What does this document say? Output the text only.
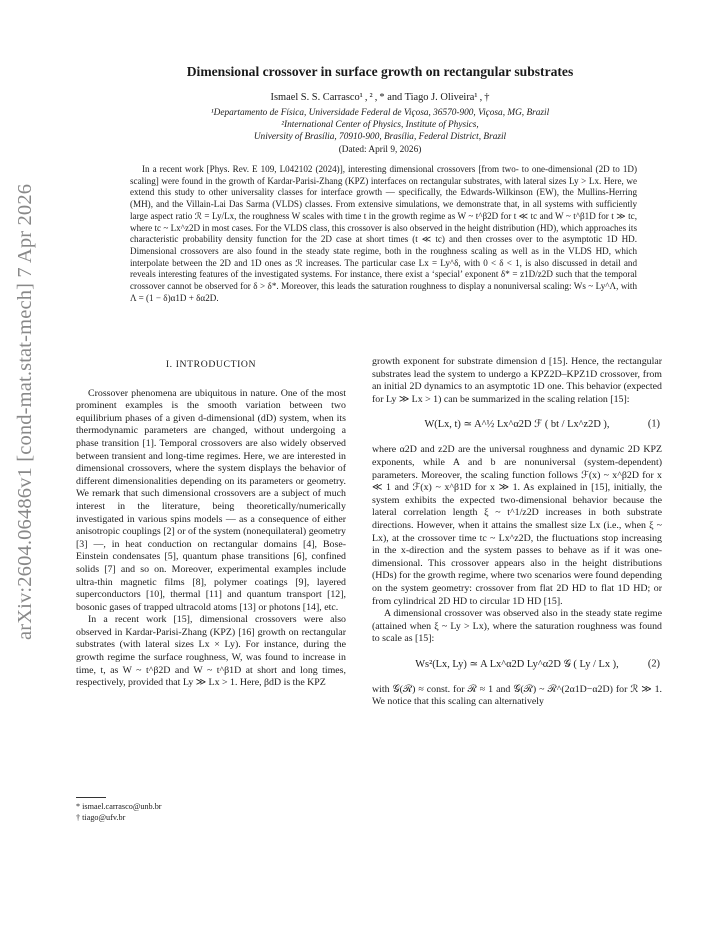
arXiv:2604.06486v1 [cond-mat.stat-mech] 7 Apr 2026
Dimensional crossover in surface growth on rectangular substrates
Ismael S. S. Carrasco¹ , ² , * and Tiago J. Oliveira¹ , †
¹Departamento de Física, Universidade Federal de Viçosa, 36570-900, Viçosa, MG, Brazil
²International Center of Physics, Institute of Physics,
University of Brasília, 70910-900, Brasília, Federal District, Brazil
(Dated: April 9, 2026)

In a recent work [Phys. Rev. E 109, L042102 (2024)], interesting dimensional crossovers [from two- to one-dimensional (2D to 1D) scaling] were found in the growth of Kardar-Parisi-Zhang (KPZ) interfaces on rectangular substrates, with lateral sizes Ly > Lx. Here, we extend this study to other universality classes for interface growth — specifically, the Edwards-Wilkinson (EW), the Mullins-Herring (MH), and the Villain-Lai Das Sarma (VLDS) classes. From extensive simulations, we demonstrate that, in all systems with sufficiently large aspect ratio ℛ = Ly/Lx, the roughness W scales with time t in the growth regime as W ~ t^β2D for t ≪ tc and W ~ t^β1D for t ≫ tc, where tc ~ Lx^z2D in most cases. For the VLDS class, this crossover is also observed in the height distribution (HD), which approaches its characteristic probability density function for the 2D case at short times (t ≪ tc) and then crosses over to the asymptotic 1D HD. Dimensional crossovers are also found in the steady state regime, both in the roughness scaling as well as in the VLDS HD, which interpolate between the 2D and 1D ones as ℛ increases. The particular case Lx = Ly^δ, with 0 < δ < 1, is also discussed in detail and reveals interesting features of the investigated systems. For instance, there exist a ‘special’ exponent δ* = z1D/z2D such that the temporal crossover cannot be observed for δ > δ*. Moreover, this leads the saturation roughness to display a nonuniversal scaling: Ws ~ Ly^Λ, with Λ = (1 − δ)α1D + δα2D.

I. INTRODUCTION

Crossover phenomena are ubiquitous in nature. One of the most prominent examples is the smooth variation between two equilibrium phases of a given d-dimensional (dD) system, when its thermodynamic parameters are changed, without undergoing a phase transition [1]. Temporal crossovers are also widely observed between transient and long-time regimes. Here, we are interested in dimensional crossovers, where the system displays the behavior of different dimensionalities depending on its parameters or geometry. We remark that such dimensional crossovers are a subject of much interest in the literature, being theoretically/numerically investigated in various spins models — as a consequence of either anisotropic couplings [2] or of the system (nonequilateral) geometry [3] —, in heat conduction on rectangular domains [4], Bose-Einstein condensates [5], quantum phase transitions [6], confined solids [7] and so on. Moreover, experimental examples include ultra-thin magnetic films [8], polymer coatings [9], layered superconductors [10], thermal [11] and quantum transport [12], bosonic gases of trapped ultracold atoms [13] or photons [14], etc.

In a recent work [15], dimensional crossovers were also observed in Kardar-Parisi-Zhang (KPZ) [16] growth on rectangular substrates (with lateral sizes Lx × Ly). For instance, during the growth regime the surface roughness, W, was found to increase in time, t, as W ~ t^β2D and W ~ t^β1D at short and long times, respectively, provided that Ly ≫ Lx > 1. Here, βdD is the KPZ

growth exponent for substrate dimension d [15]. Hence, the rectangular substrates lead the system to undergo a KPZ2D–KPZ1D crossover, from an initial 2D dynamics to an asymptotic 1D one. This behavior (expected for Ly ≫ Lx > 1) can be summarized in the scaling relation [15]:

W(Lx, t) ≃ A^½ Lx^α2D ℱ ( bt / Lx^z2D ),	(1)

where α2D and z2D are the universal roughness and dynamic 2D KPZ exponents, while A and b are nonuniversal (system-dependent) parameters. Moreover, the scaling function follows ℱ(x) ~ x^β2D for x ≪ 1 and ℱ(x) ~ x^β1D for x ≫ 1. As explained in [15], initially, the system exhibits the expected two-dimensional behavior because the lateral correlation length ξ ~ t^1/z2D increases in both substrate directions. However, when it attains the smallest size Lx (i.e., when ξ ~ Lx), at the crossover time tc ~ Lx^z2D, the fluctuations stop increasing in the x-direction and the system passes to behave as if it was one-dimensional. This crossover appears also in the height distributions (HDs) for the growth regime, where two scenarios were found depending on the system geometry: crossover from flat 2D HD to flat 1D HD; or from cylindrical 2D HD to circular 1D HD [15].

A dimensional crossover was observed also in the steady state regime (attained when ξ ~ Ly > Lx), where the saturation roughness was found to scale as [15]:

Ws²(Lx, Ly) ≃ A Lx^α2D Ly^α2D 𝒢 ( Ly / Lx ),	(2)

with 𝒢(ℛ) ≈ const. for ℛ ≈ 1 and 𝒢(ℛ) ~ ℛ^(2α1D−α2D) for ℛ ≫ 1. We notice that this scaling can alternatively

* ismael.carrasco@unb.br
† tiago@ufv.br
